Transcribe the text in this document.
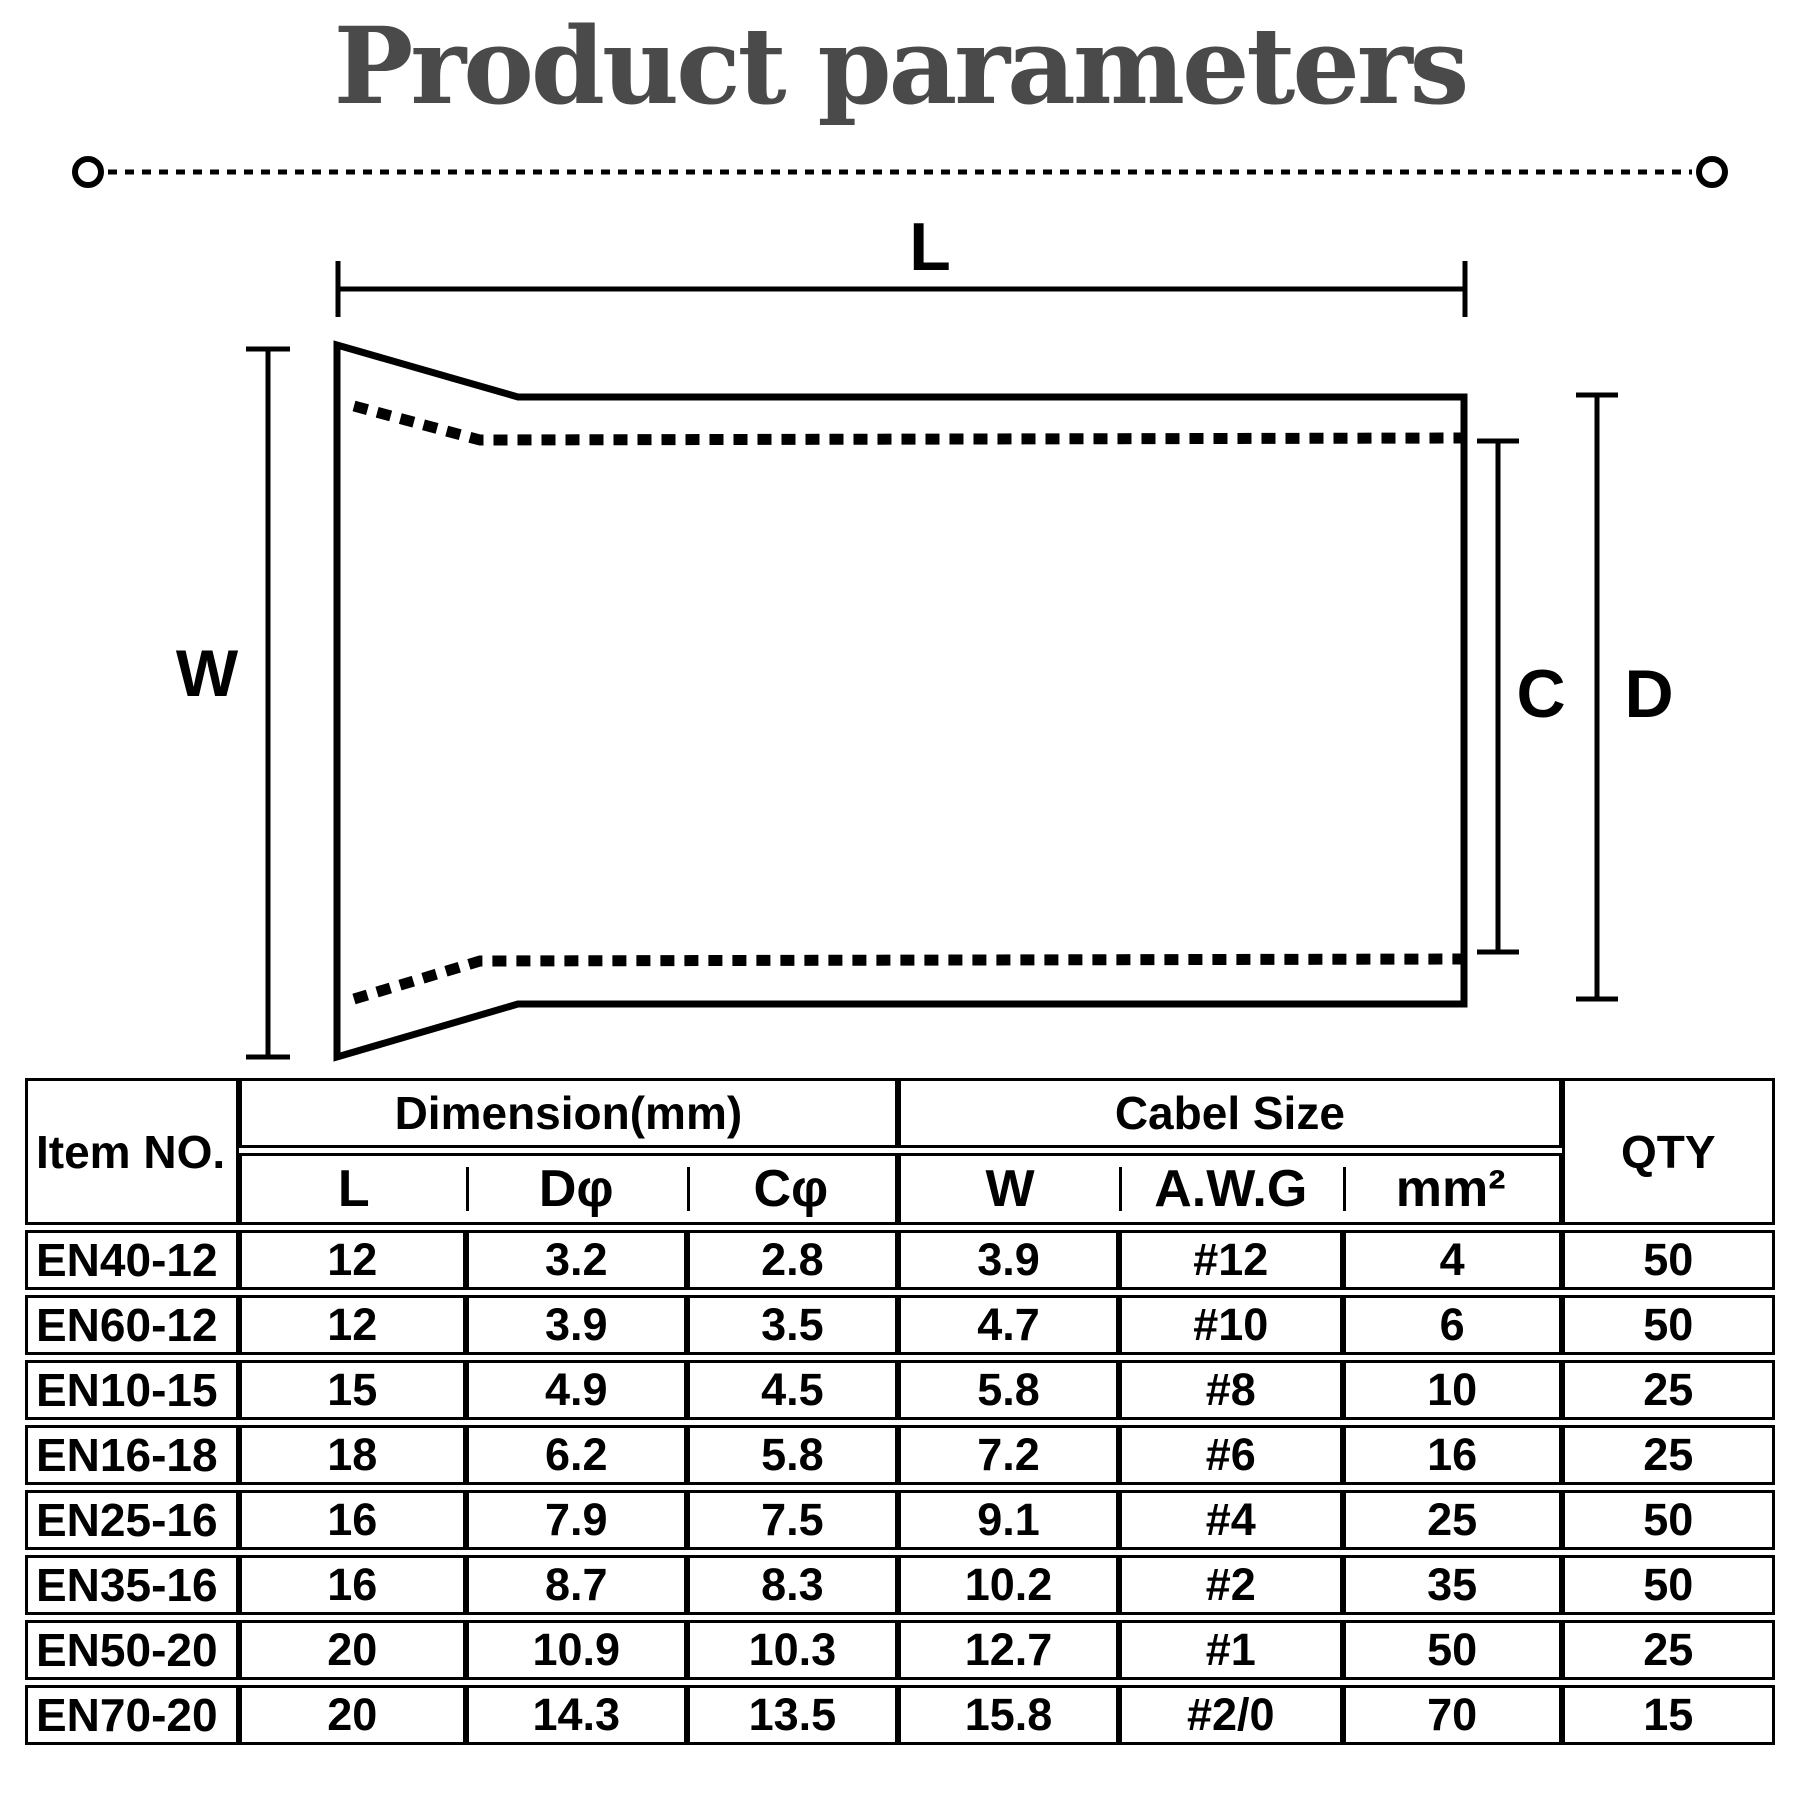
Product parameters
L
W	C D
Item NO.	Dimension(mm)			Cabel Size			QTY
	L	Dφ	Cφ	W	A.W.G	mm²	
EN40-12	12	3.2	2.8	3.9	#12	4	50
EN60-12	12	3.9	3.5	4.7	#10	6	50
EN10-15	15	4.9	4.5	5.8	#8	10	25
EN16-18	18	6.2	5.8	7.2	#6	16	25
EN25-16	16	7.9	7.5	9.1	#4	25	50
EN35-16	16	8.7	8.3	10.2	#2	35	50
EN50-20	20	10.9	10.3	12.7	#1	50	25
EN70-20	20	14.3	13.5	15.8	#2/0	70	15
